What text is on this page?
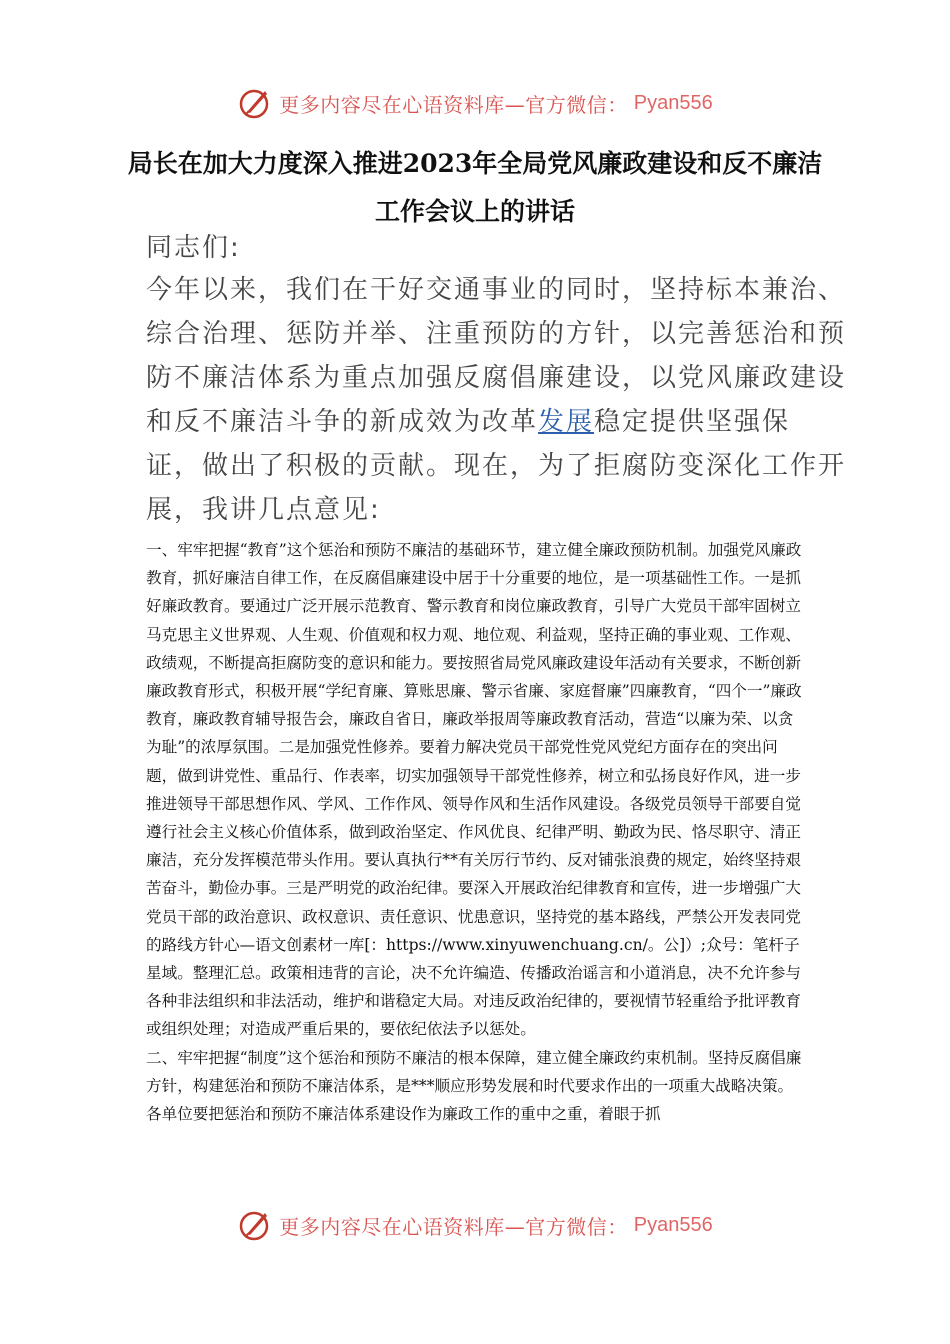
更多内容尽在心语资料库—官方微信： Pyan556
局长在加大力度深入推进2023年全局党风廉政建设和反不廉洁工作会议上的讲话
同志们:
今年以来，我们在干好交通事业的同时，坚持标本兼治、综合治理、惩防并举、注重预防的方针，以完善惩治和预防不廉洁体系为重点加强反腐倡廉建设，以党风廉政建设和反不廉洁斗争的新成效为改革发展稳定提供坚强保证，做出了积极的贡献。现在，为了拒腐防变深化工作开展，我讲几点意见:

一、牢牢把握“教育”这个惩治和预防不廉洁的基础环节，建立健全廉政预防机制。加强党风廉政教育，抓好廉洁自律工作，在反腐倡廉建设中居于十分重要的地位，是一项基础性工作。一是抓好廉政教育。要通过广泛开展示范教育、警示教育和岗位廉政教育，引导广大党员干部牢固树立马克思主义世界观、人生观、价值观和权力观、地位观、利益观，坚持正确的事业观、工作观、政绩观，不断提高拒腐防变的意识和能力。要按照省局党风廉政建设年活动有关要求，不断创新廉政教育形式，积极开展“学纪育廉、算账思廉、警示省廉、家庭督廉”四廉教育，“四个一”廉政教育，廉政教育辅导报告会，廉政自省日，廉政举报周等廉政教育活动，营造“以廉为荣、以贪为耻”的浓厚氛围。二是加强党性修养。要着力解决党员干部党性党风党纪方面存在的突出问题，做到讲党性、重品行、作表率，切实加强领导干部党性修养，树立和弘扬良好作风，进一步推进领导干部思想作风、学风、工作作风、领导作风和生活作风建设。各级党员领导干部要自觉遵行社会主义核心价值体系，做到政治坚定、作风优良、纪律严明、勤政为民、恪尽职守、清正廉洁，充分发挥模范带头作用。要认真执行**有关厉行节约、反对铺张浪费的规定，始终坚持艰苦奋斗，勤俭办事。三是严明党的政治纪律。要深入开展政治纪律教育和宣传，进一步增强广大党员干部的政治意识、政权意识、责任意识、忧患意识，坚持党的基本路线，严禁公开发表同党的路线方针心—语文创素材一库[：https://www.xinyuwenchuang.cn/。公]）;众号：笔杆子星域。整理汇总。政策相违背的言论，决不允许编造、传播政治谣言和小道消息，决不允许参与各种非法组织和非法活动，维护和谐稳定大局。对违反政治纪律的，要视情节轻重给予批评教育或组织处理；对造成严重后果的，要依纪依法予以惩处。

二、牢牢把握“制度”这个惩治和预防不廉洁的根本保障，建立健全廉政约束机制。坚持反腐倡廉方针，构建惩治和预防不廉洁体系，是***顺应形势发展和时代要求作出的一项重大战略决策。各单位要把惩治和预防不廉洁体系建设作为廉政工作的重中之重，着眼于抓

更多内容尽在心语资料库—官方微信： Pyan556
